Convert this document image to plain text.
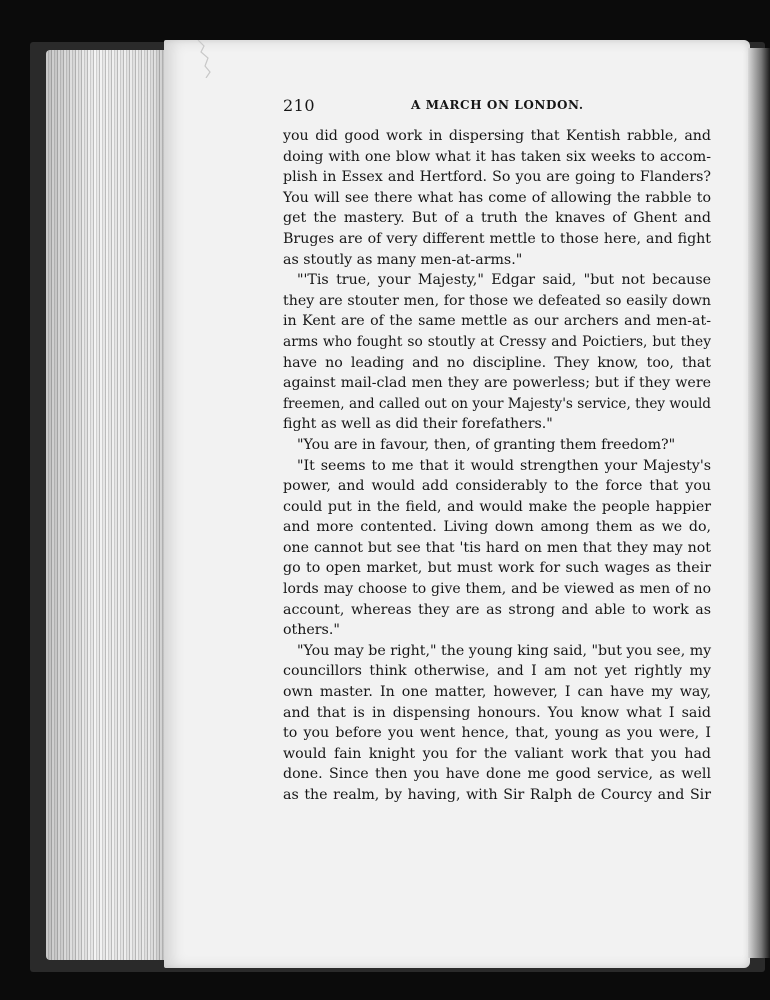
210	A MARCH ON LONDON.
you did good work in dispersing that Kentish rabble, and
doing with one blow what it has taken six weeks to accom-
plish in Essex and Hertford. So you are going to Flanders?
You will see there what has come of allowing the rabble to
get the mastery. But of a truth the knaves of Ghent and
Bruges are of very different mettle to those here, and fight
as stoutly as many men-at-arms."
"'Tis true, your Majesty," Edgar said, "but not because
they are stouter men, for those we defeated so easily down
in Kent are of the same mettle as our archers and men-at-
arms who fought so stoutly at Cressy and Poictiers, but they
have no leading and no discipline. They know, too, that
against mail-clad men they are powerless; but if they were
freemen, and called out on your Majesty's service, they would
fight as well as did their forefathers."
"You are in favour, then, of granting them freedom?"
"It seems to me that it would strengthen your Majesty's
power, and would add considerably to the force that you
could put in the field, and would make the people happier
and more contented. Living down among them as we do,
one cannot but see that 'tis hard on men that they may not
go to open market, but must work for such wages as their
lords may choose to give them, and be viewed as men of no
account, whereas they are as strong and able to work as
others."
"You may be right," the young king said, "but you see, my
councillors think otherwise, and I am not yet rightly my
own master. In one matter, however, I can have my way,
and that is in dispensing honours. You know what I said
to you before you went hence, that, young as you were, I
would fain knight you for the valiant work that you had
done. Since then you have done me good service, as well
as the realm, by having, with Sir Ralph de Courcy and Sir
